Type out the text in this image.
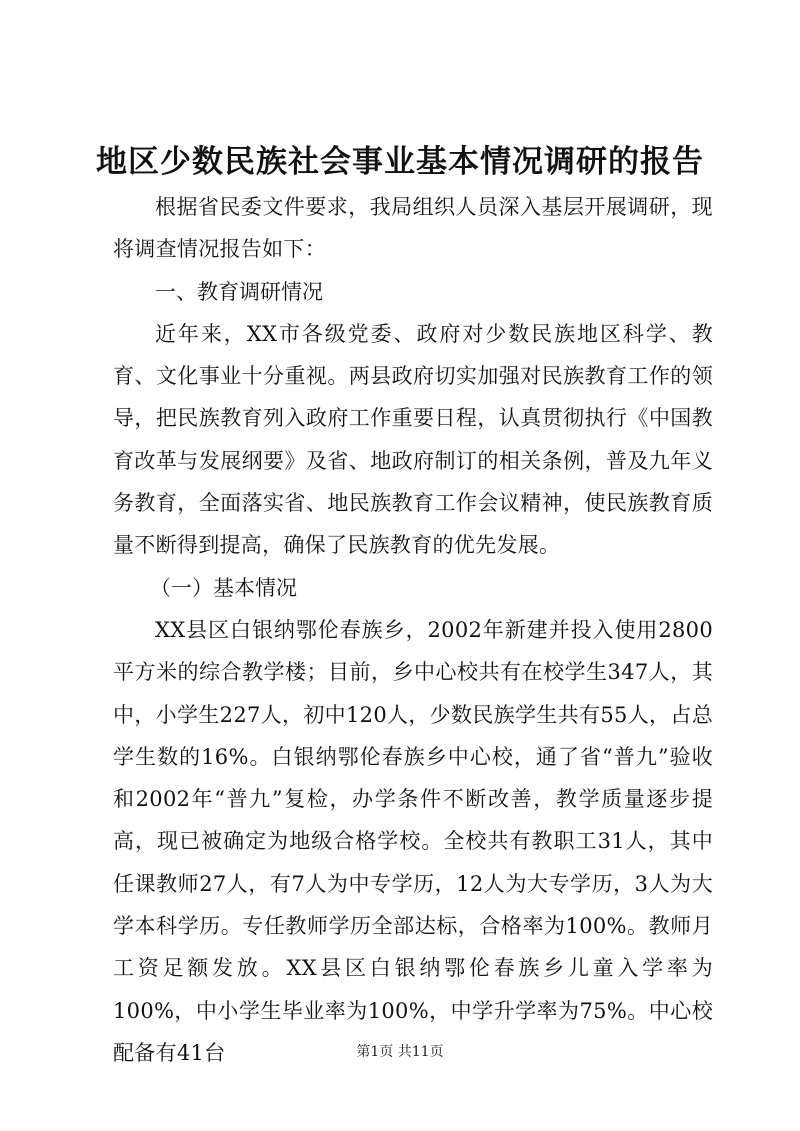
地区少数民族社会事业基本情况调研的报告

根据省民委文件要求，我局组织人员深入基层开展调研，现将调查情况报告如下：

一、教育调研情况

近年来，XX市各级党委、政府对少数民族地区科学、教育、文化事业十分重视。两县政府切实加强对民族教育工作的领导，把民族教育列入政府工作重要日程，认真贯彻执行《中国教育改革与发展纲要》及省、地政府制订的相关条例，普及九年义务教育，全面落实省、地民族教育工作会议精神，使民族教育质量不断得到提高，确保了民族教育的优先发展。

（一）基本情况

XX县区白银纳鄂伦春族乡，2002年新建并投入使用2800平方米的综合教学楼；目前，乡中心校共有在校学生347人，其中，小学生227人，初中120人，少数民族学生共有55人，占总学生数的16%。白银纳鄂伦春族乡中心校，通了省“普九”验收和2002年“普九”复检，办学条件不断改善，教学质量逐步提高，现已被确定为地级合格学校。全校共有教职工31人，其中任课教师27人，有7人为中专学历，12人为大专学历，3人为大学本科学历。专任教师学历全部达标，合格率为100%。教师月工资足额发放。XX县区白银纳鄂伦春族乡儿童入学率为100%，中小学生毕业率为100%，中学升学率为75%。中心校配备有41台	第1页 共11页
